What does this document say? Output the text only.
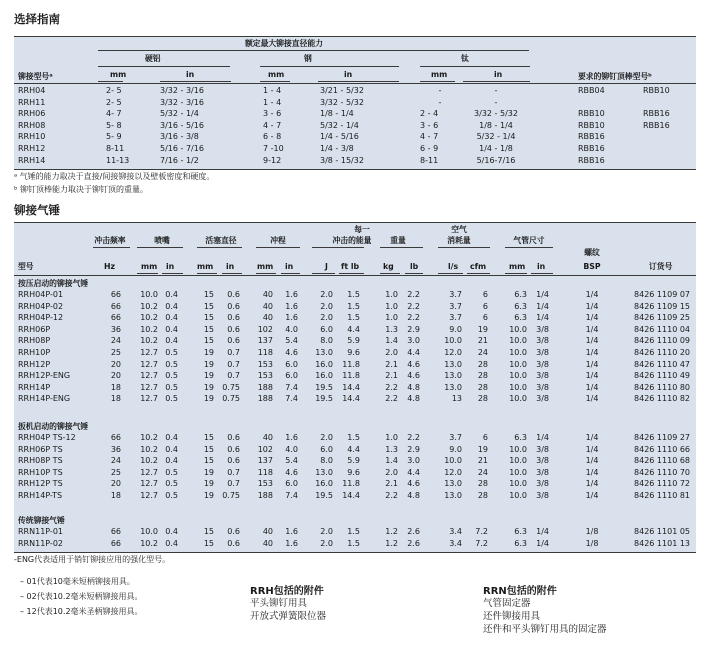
选择指南
额定最大铆接直径能力
硬铝	钢	钛
mm	in	mm	in	mm	in
铆接型号ᵃ	要求的铆钉顶棒型号ᵇ
RRH04	2- 5	3/32 - 3/16	1 - 4	3/21 - 5/32	-	-	RBB04	RBB10
RRH11	2- 5	3/32 - 3/16	1 - 4	3/32 - 5/32	-	-
RRH06	4- 7	5/32 - 1/4	3 - 6	1/8 - 1/4	2 - 4	3/32 - 5/32	RBB10	RBB16
RRH08	5- 8	3/16 - 5/16	4 - 7	5/32 - 1/4	3 - 6	1/8 - 1/4	RBB10	RBB16
RRH10	5- 9	3/16 - 3/8	6 - 8	1/4 - 5/16	4 - 7	5/32 - 1/4	RBB16
RRH12	8-11	5/16 - 7/16	7 -10	1/4 - 3/8	6 - 9	1/4 - 1/8	RBB16
RRH14	11-13	7/16 - 1/2	9-12	3/8 - 15/32	8-11	5/16-7/16	RBB16
ᵃ 气锤的能力取决于直接/间接铆接以及壁板密度和硬度。
ᵇ 铆钉顶棒能力取决于铆钉顶的重量。
铆接气锤
每一	空气
冲击频率	喷嘴	活塞直径	冲程	冲击的能量	重量	消耗量	气管尺寸
螺纹
型号	Hz	mm in	mm in	mm in	J ft lb	kg lb	l/s cfm	mm in	BSP	订货号
按压启动的铆接气锤
RRH04P-01	66	10.0 0.4	15	0.6	40	1.6	2.0	1.5	1.0	2.2	3.7	6	6.3	1/4	1/4	8426 1109 07
RRH04P-02	66	10.2 0.4	15	0.6	40	1.6	2.0	1.5	1.0	2.2	3.7	6	6.3	1/4	1/4	8426 1109 15
RRH04P-12	66	10.2 0.4	15	0.6	40	1.6	2.0	1.5	1.0	2.2	3.7	6	6.3	1/4	1/4	8426 1109 25
RRH06P	36	10.2 0.4	15	0.6	102	4.0	6.0	4.4	1.3	2.9	9.0	19	10.0	3/8	1/4	8426 1110 04
RRH08P	24	10.2 0.4	15	0.6	137	5.4	8.0	5.9	1.4	3.0	10.0	21	10.0	3/8	1/4	8426 1110 09
RRH10P	25	12.7 0.5	19	0.7	118	4.6	13.0	9.6	2.0	4.4	12.0	24	10.0	3/8	1/4	8426 1110 20
RRH12P	20	12.7 0.5	19	0.7	153	6.0	16.0	11.8	2.1	4.6	13.0	28	10.0	3/8	1/4	8426 1110 47
RRH12P-ENG	20	12.7 0.5	19	0.7	153	6.0	16.0	11.8	2.1	4.6	13.0	28	10.0	3/8	1/4	8426 1110 49
RRH14P	18	12.7 0.5	19 0.75	188	7.4	19.5	14.4	2.2	4.8	13.0	28	10.0	3/8	1/4	8426 1110 80
RRH14P-ENG	18	12.7 0.5	19 0.75	188	7.4	19.5	14.4	2.2	4.8	13	28	10.0	3/8	1/4	8426 1110 82
扳机启动的铆接气锤
RRH04P TS-12	66	10.2 0.4	15	0.6	40	1.6	2.0	1.5	1.0	2.2	3.7	6	6.3	1/4	1/4	8426 1109 27
RRH06P TS	36	10.2 0.4	15	0.6	102	4.0	6.0	4.4	1.3	2.9	9.0	19	10.0	3/8	1/4	8426 1110 66
RRH08P TS	24	10.2 0.4	15	0.6	137	5.4	8.0	5.9	1.4	3.0	10.0	21	10.0	3/8	1/4	8426 1110 68
RRH10P TS	25	12.7 0.5	19	0.7	118	4.6	13.0	9.6	2.0	4.4	12.0	24	10.0	3/8	1/4	8426 1110 70
RRH12P TS	20	12.7 0.5	19	0.7	153	6.0	16.0	11.8	2.1	4.6	13.0	28	10.0	3/8	1/4	8426 1110 72
RRH14P-TS	18	12.7 0.5	19 0.75	188	7.4	19.5	14.4	2.2	4.8	13.0	28	10.0	3/8	1/4	8426 1110 81
传统铆接气锤
RRN11P-01	66	10.0 0.4	15	0.6	40	1.6	2.0	1.5	1.2	2.6	3.4	7.2	6.3	1/4	1/8	8426 1101 05
RRN11P-02	66	10.2 0.4	15	0.6	40	1.6	2.0	1.5	1.2	2.6	3.4	7.2	6.3	1/4	1/8	8426 1101 13
-ENG代表适用于销钉铆接应用的强化型号。
– 01代表10毫米短柄铆接用具。
– 02代表10.2毫米短柄铆接用具。
– 12代表10.2毫米圣柄铆接用具。
RRH包括的附件
平头铆钉用具
开放式弹簧限位器
RRN包括的附件
气管固定器
还件铆接用具
还件和平头铆钉用具的固定器
